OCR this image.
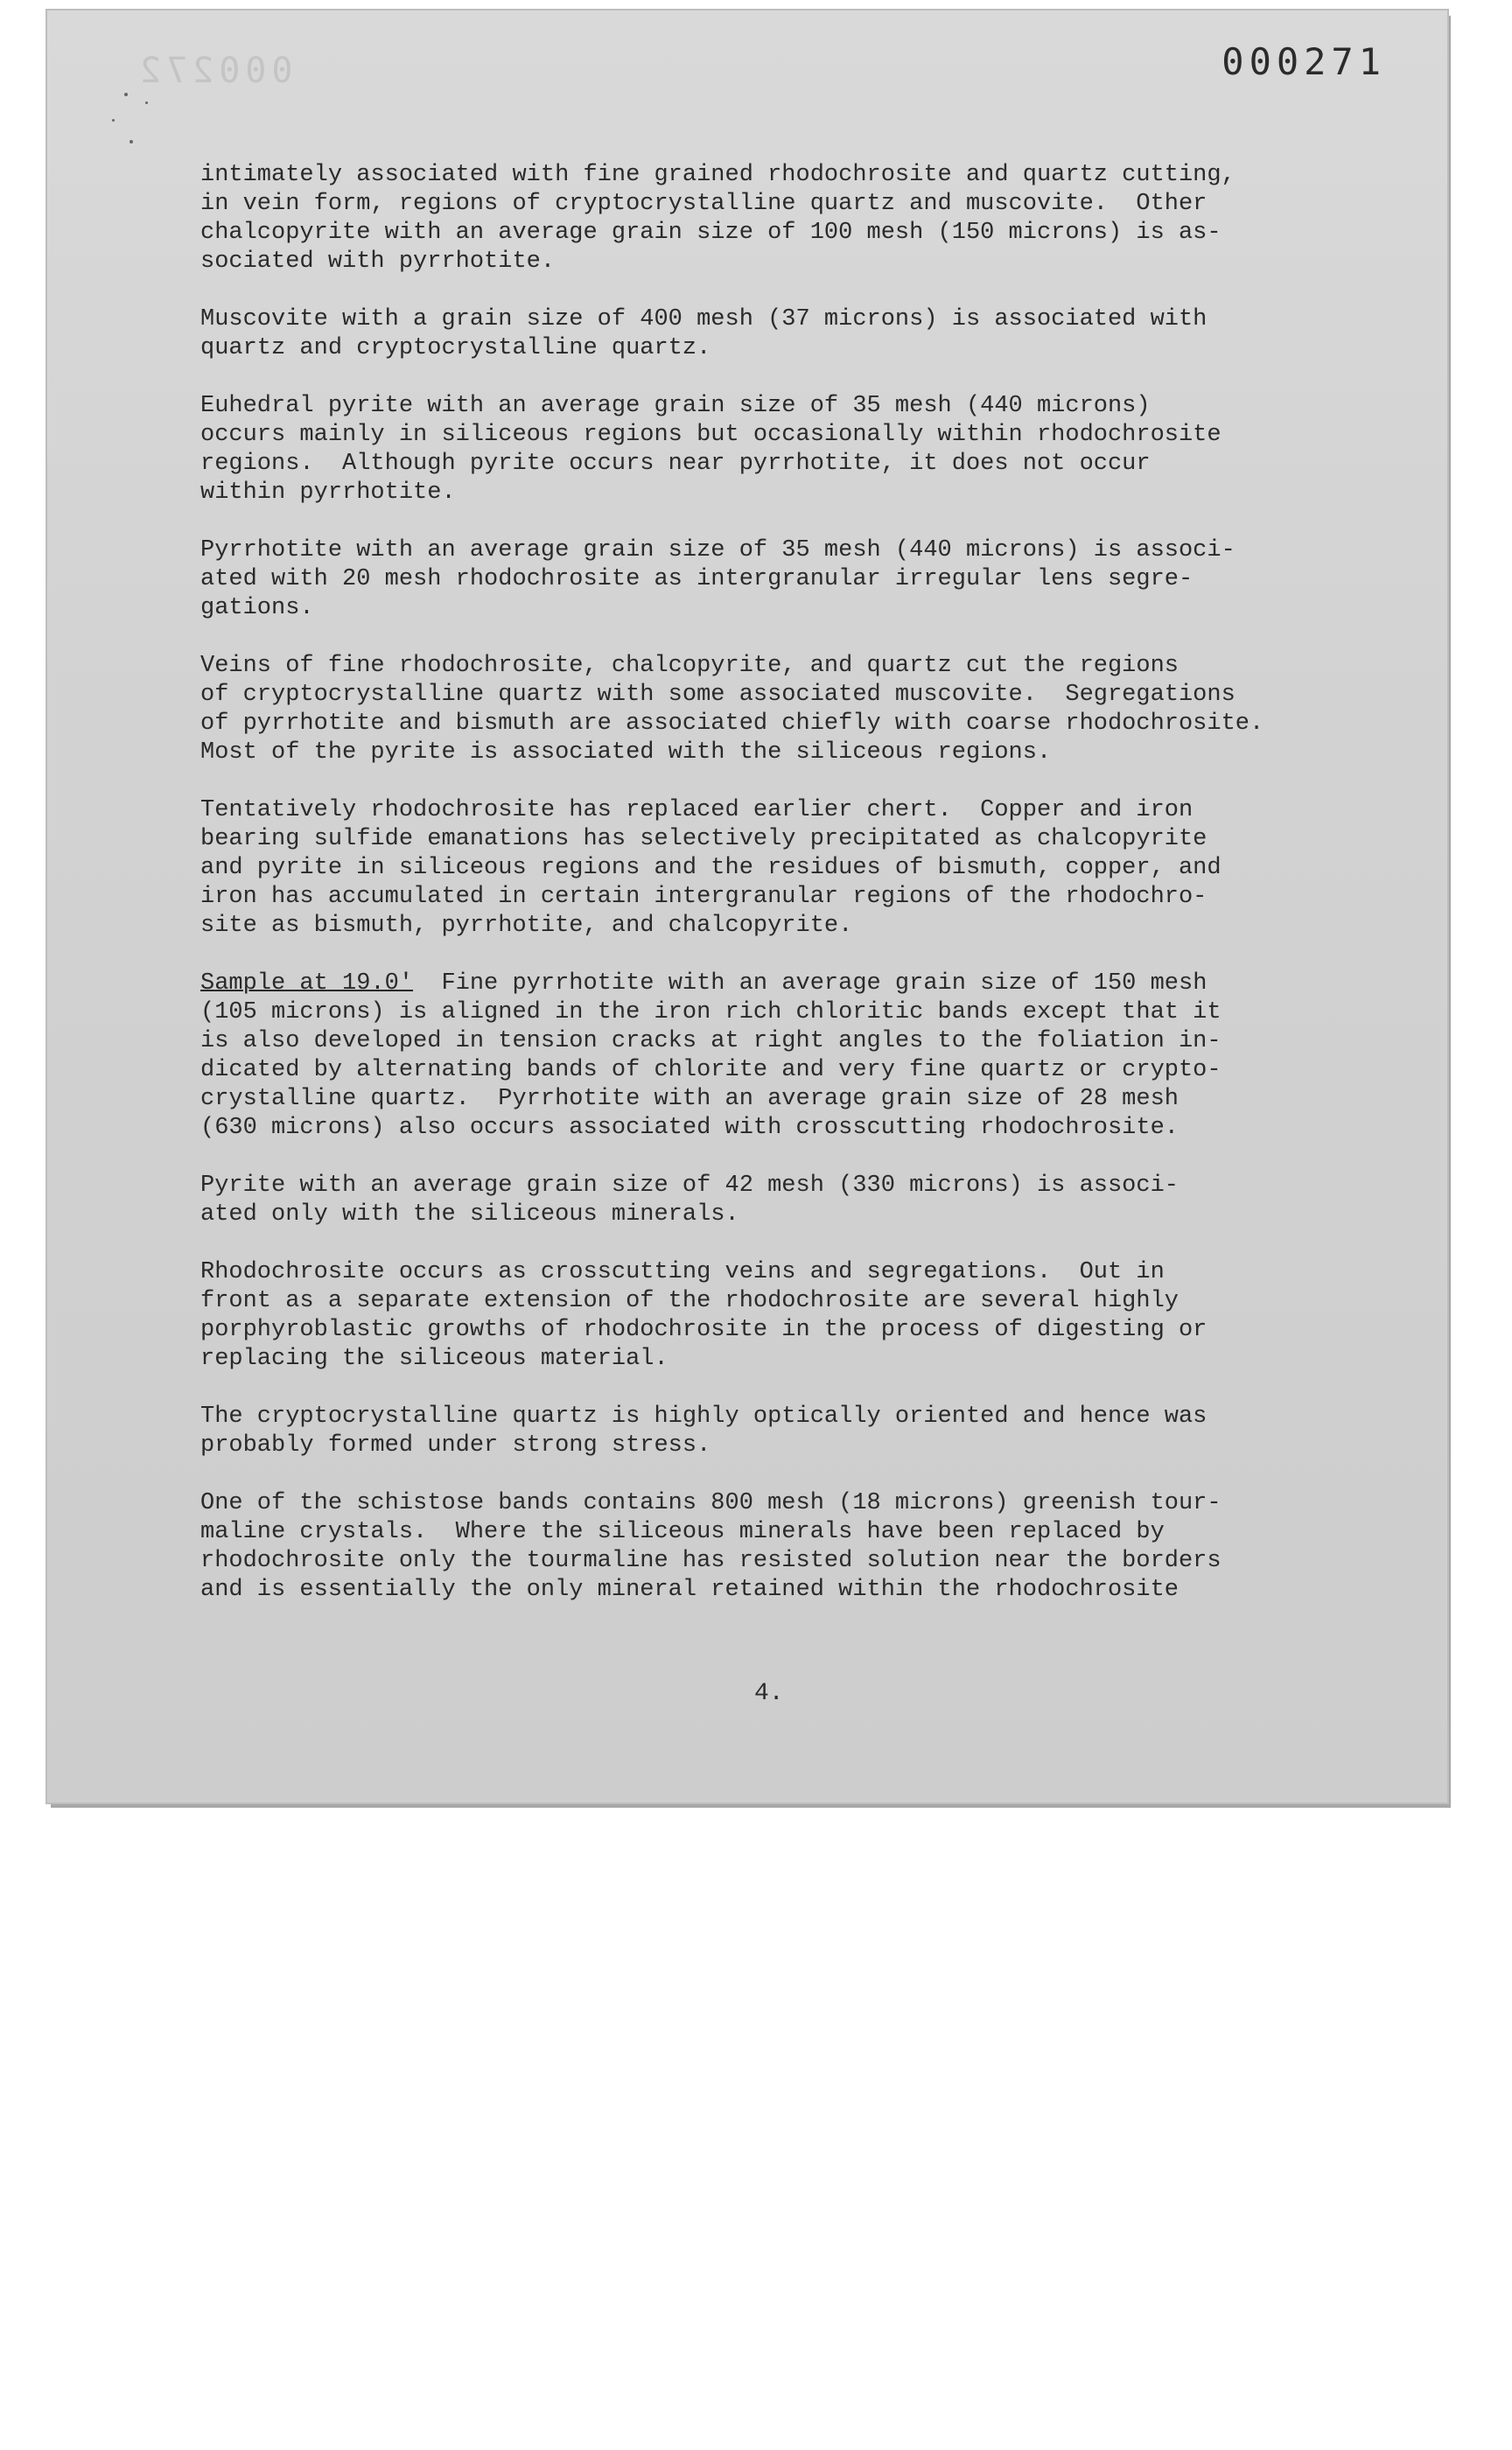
000272	000271

intimately associated with fine grained rhodochrosite and quartz cutting,
in vein form, regions of cryptocrystalline quartz and muscovite.  Other
chalcopyrite with an average grain size of 100 mesh (150 microns) is as-
sociated with pyrrhotite.

Muscovite with a grain size of 400 mesh (37 microns) is associated with
quartz and cryptocrystalline quartz.

Euhedral pyrite with an average grain size of 35 mesh (440 microns)
occurs mainly in siliceous regions but occasionally within rhodochrosite
regions.  Although pyrite occurs near pyrrhotite, it does not occur
within pyrrhotite.

Pyrrhotite with an average grain size of 35 mesh (440 microns) is associ-
ated with 20 mesh rhodochrosite as intergranular irregular lens segre-
gations.

Veins of fine rhodochrosite, chalcopyrite, and quartz cut the regions
of cryptocrystalline quartz with some associated muscovite.  Segregations
of pyrrhotite and bismuth are associated chiefly with coarse rhodochrosite.
Most of the pyrite is associated with the siliceous regions.

Tentatively rhodochrosite has replaced earlier chert.  Copper and iron
bearing sulfide emanations has selectively precipitated as chalcopyrite
and pyrite in siliceous regions and the residues of bismuth, copper, and
iron has accumulated in certain intergranular regions of the rhodochro-
site as bismuth, pyrrhotite, and chalcopyrite.

Sample at 19.0'  Fine pyrrhotite with an average grain size of 150 mesh
(105 microns) is aligned in the iron rich chloritic bands except that it
is also developed in tension cracks at right angles to the foliation in-
dicated by alternating bands of chlorite and very fine quartz or crypto-
crystalline quartz.  Pyrrhotite with an average grain size of 28 mesh
(630 microns) also occurs associated with crosscutting rhodochrosite.

Pyrite with an average grain size of 42 mesh (330 microns) is associ-
ated only with the siliceous minerals.

Rhodochrosite occurs as crosscutting veins and segregations.  Out in
front as a separate extension of the rhodochrosite are several highly
porphyroblastic growths of rhodochrosite in the process of digesting or
replacing the siliceous material.

The cryptocrystalline quartz is highly optically oriented and hence was
probably formed under strong stress.

One of the schistose bands contains 800 mesh (18 microns) greenish tour-
maline crystals.  Where the siliceous minerals have been replaced by
rhodochrosite only the tourmaline has resisted solution near the borders
and is essentially the only mineral retained within the rhodochrosite

4.
